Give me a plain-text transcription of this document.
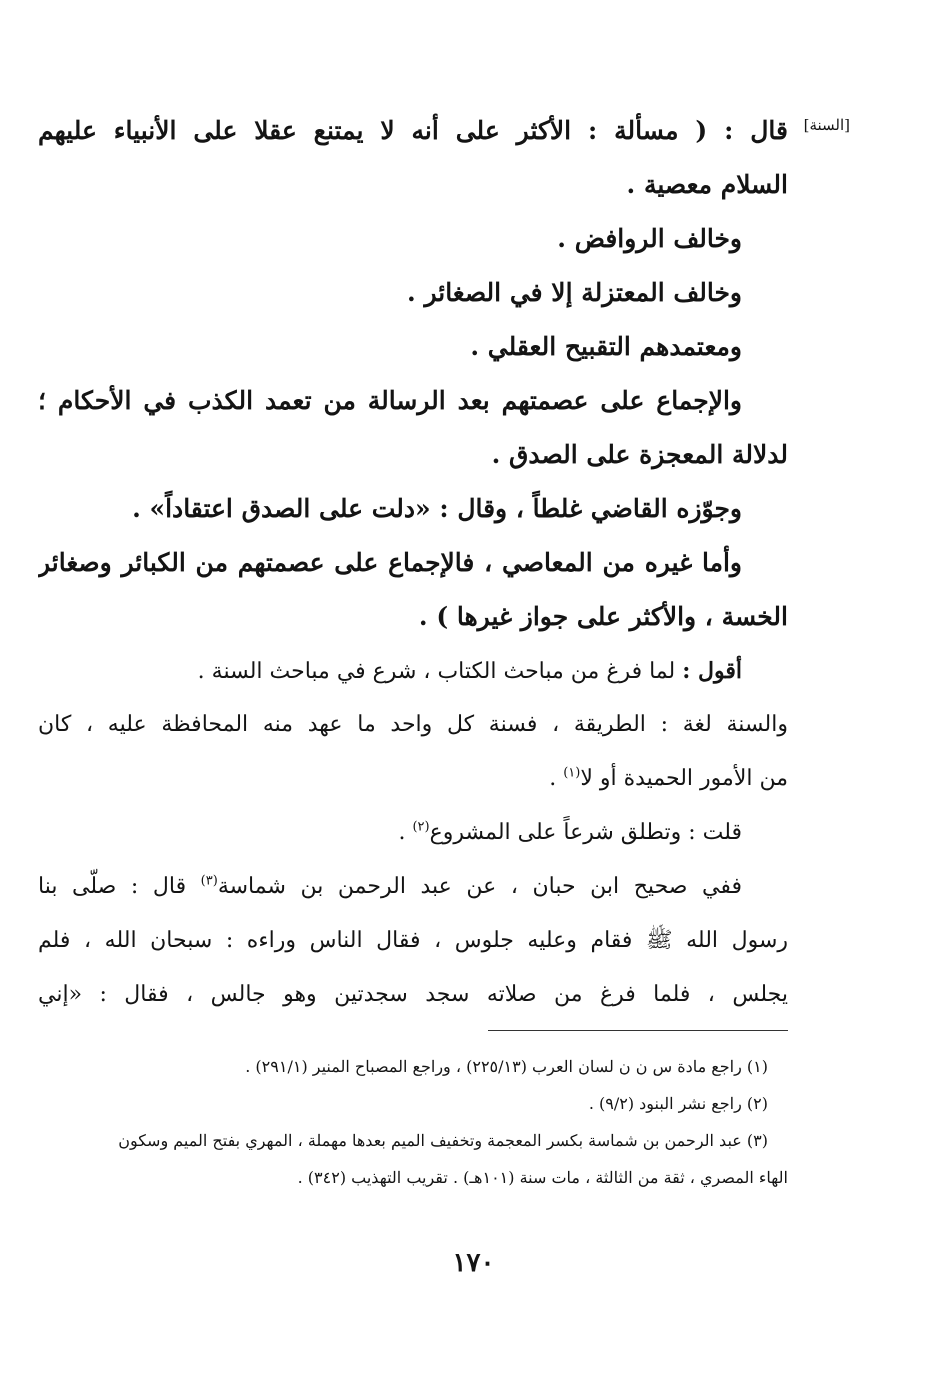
[السنة]
قال : ( مسألة : الأكثر على أنه لا يمتنع عقلا على الأنبياء عليهم
السلام معصية .
وخالف الروافض .
وخالف المعتزلة إلا في الصغائر .
ومعتمدهم التقبيح العقلي .
والإجماع على عصمتهم بعد الرسالة من تعمد الكذب في الأحكام ؛
لدلالة المعجزة على الصدق .
وجوّزه القاضي غلطاً ، وقال : «دلت على الصدق اعتقاداً» .
وأما غيره من المعاصي ، فالإجماع على عصمتهم من الكبائر وصغائر
الخسة ، والأكثر على جواز غيرها ) .
أقول : لما فرغ من مباحث الكتاب ، شرع في مباحث السنة .
والسنة لغة : الطريقة ، فسنة كل واحد ما عهد منه المحافظة عليه ، كان
من الأمور الحميدة أو لا$^{(١)}$ .
قلت : وتطلق شرعاً على المشروع$^{(٢)}$ .
ففي صحيح ابن حبان ، عن عبد الرحمن بن شماسة$^{(٣)}$ قال : صلّى بنا
رسول الله ﷺ فقام وعليه جلوس ، فقال الناس وراءه : سبحان الله ، فلم
يجلس ، فلما فرغ من صلاته سجد سجدتين وهو جالس ، فقال : «إني
(١) راجع مادة س ن ن لسان العرب (٢٢٥/١٣) ، وراجع المصباح المنير (٢٩١/١) .
(٢) راجع نشر البنود (٩/٢) .
(٣) عبد الرحمن بن شماسة بكسر المعجمة وتخفيف الميم بعدها مهملة ، المهري بفتح الميم وسكون
الهاء المصري ، ثقة من الثالثة ، مات سنة (١٠١هـ) . تقريب التهذيب (٣٤٢) .
١٧٠
